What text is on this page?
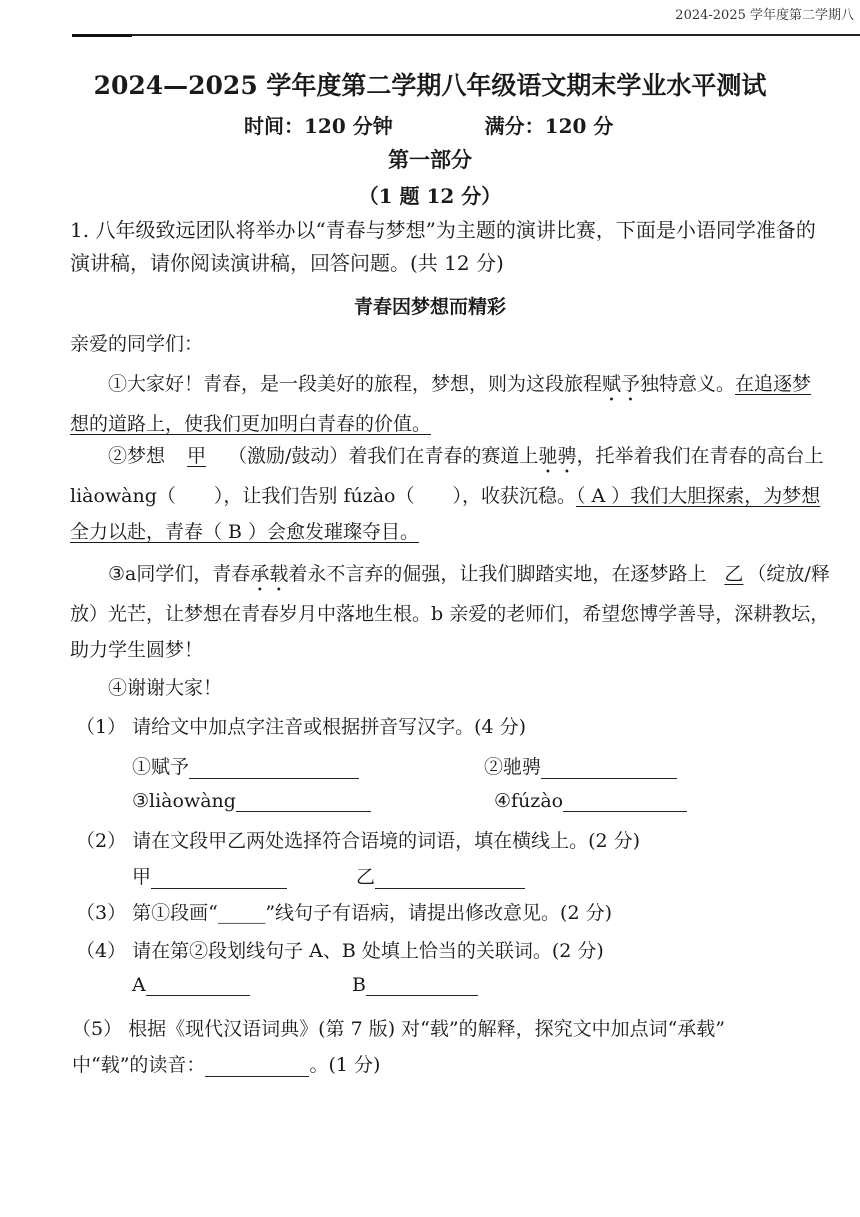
2024-2025 学年度第二学期八
2024—2025 学年度第二学期八年级语文期末学业水平测试
时间：120 分钟	满分：120 分
第一部分
（1 题 12 分）
1. 八年级致远团队将举办以“青春与梦想”为主题的演讲比赛，下面是小语同学准备的演讲稿，请你阅读演讲稿，回答问题。(共 12 分)
青春因梦想而精彩
亲爱的同学们：
①大家好！青春，是一段美好的旅程，梦想，则为这段旅程赋予独特意义。在追逐梦想的道路上，使我们更加明白青春的价值。
②梦想 甲 （激励/鼓动）着我们在青春的赛道上驰骋，托举着我们在青春的高台上 liàowàng（　　），让我们告别 fúzào（　　），收获沉稳。（ A ）我们大胆探索，为梦想全力以赴，青春（ B ）会愈发璀璨夺目。
③a同学们，青春承载着永不言弃的倔强，让我们脚踏实地，在逐梦路上 乙 （绽放/释放）光芒，让梦想在青春岁月中落地生根。b 亲爱的老师们，希望您博学善导，深耕教坛，助力学生圆梦！
④谢谢大家！
（1） 请给文中加点字注音或根据拼音写汉字。(4 分)
①赋予	②驰骋
③liàowàng	④fúzào
（2） 请在文段甲乙两处选择符合语境的词语，填在横线上。(2 分)
甲	乙
（3） 第①段画“_____”线句子有语病，请提出修改意见。(2 分)
（4） 请在第②段划线句子 A、B 处填上恰当的关联词。(2 分)
A	B
（5） 根据《现代汉语词典》(第 7 版) 对“载”的解释，探究文中加点词“承载”
中“载”的读音：	。(1 分)
